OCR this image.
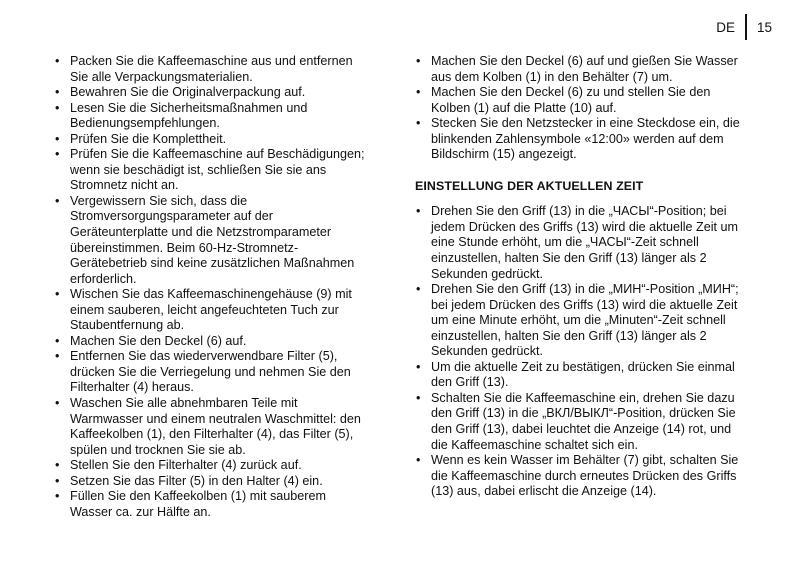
DE 15
• Packen Sie die Kaffeemaschine aus und entfernen Sie alle Verpackungsmaterialien.
• Bewahren Sie die Originalverpackung auf.
• Lesen Sie die Sicherheitsmaßnahmen und Bedienungsempfehlungen.
• Prüfen Sie die Komplettheit.
• Prüfen Sie die Kaffeemaschine auf Beschädigungen; wenn sie beschädigt ist, schließen Sie sie ans Stromnetz nicht an.
• Vergewissern Sie sich, dass die Stromversorgungsparameter auf der Geräteunterplatte und die Netzstromparameter übereinstimmen. Beim 60-Hz-Stromnetz-Gerätebetrieb sind keine zusätzlichen Maßnahmen erforderlich.
• Wischen Sie das Kaffeemaschinengehäuse (9) mit einem sauberen, leicht angefeuchteten Tuch zur Staubentfernung ab.
• Machen Sie den Deckel (6) auf.
• Entfernen Sie das wiederverwendbare Filter (5), drücken Sie die Verriegelung und nehmen Sie den Filterhalter (4) heraus.
• Waschen Sie alle abnehmbaren Teile mit Warmwasser und einem neutralen Waschmittel: den Kaffeekolben (1), den Filterhalter (4), das Filter (5), spülen und trocknen Sie sie ab.
• Stellen Sie den Filterhalter (4) zurück auf.
• Setzen Sie das Filter (5) in den Halter (4) ein.
• Füllen Sie den Kaffeekolben (1) mit sauberem Wasser ca. zur Hälfte an.
• Machen Sie den Deckel (6) auf und gießen Sie Wasser aus dem Kolben (1) in den Behälter (7) um.
• Machen Sie den Deckel (6) zu und stellen Sie den Kolben (1) auf die Platte (10) auf.
• Stecken Sie den Netzstecker in eine Steckdose ein, die blinkenden Zahlensymbole «12:00» werden auf dem Bildschirm (15) angezeigt.
EINSTELLUNG DER AKTUELLEN ZEIT
• Drehen Sie den Griff (13) in die „ЧАСЫ“-Position; bei jedem Drücken des Griffs (13) wird die aktuelle Zeit um eine Stunde erhöht, um die „ЧАСЫ“-Zeit schnell einzustellen, halten Sie den Griff (13) länger als 2 Sekunden gedrückt.
• Drehen Sie den Griff (13) in die „МИН“-Position „МИН“; bei jedem Drücken des Griffs (13) wird die aktuelle Zeit um eine Minute erhöht, um die „Minuten“-Zeit schnell einzustellen, halten Sie den Griff (13) länger als 2 Sekunden gedrückt.
• Um die aktuelle Zeit zu bestätigen, drücken Sie einmal den Griff (13).
• Schalten Sie die Kaffeemaschine ein, drehen Sie dazu den Griff (13) in die „ВКЛ/ВЫКЛ“-Position, drücken Sie den Griff (13), dabei leuchtet die Anzeige (14) rot, und die Kaffeemaschine schaltet sich ein.
• Wenn es kein Wasser im Behälter (7) gibt, schalten Sie die Kaffeemaschine durch erneutes Drücken des Griffs (13) aus, dabei erlischt die Anzeige (14).
